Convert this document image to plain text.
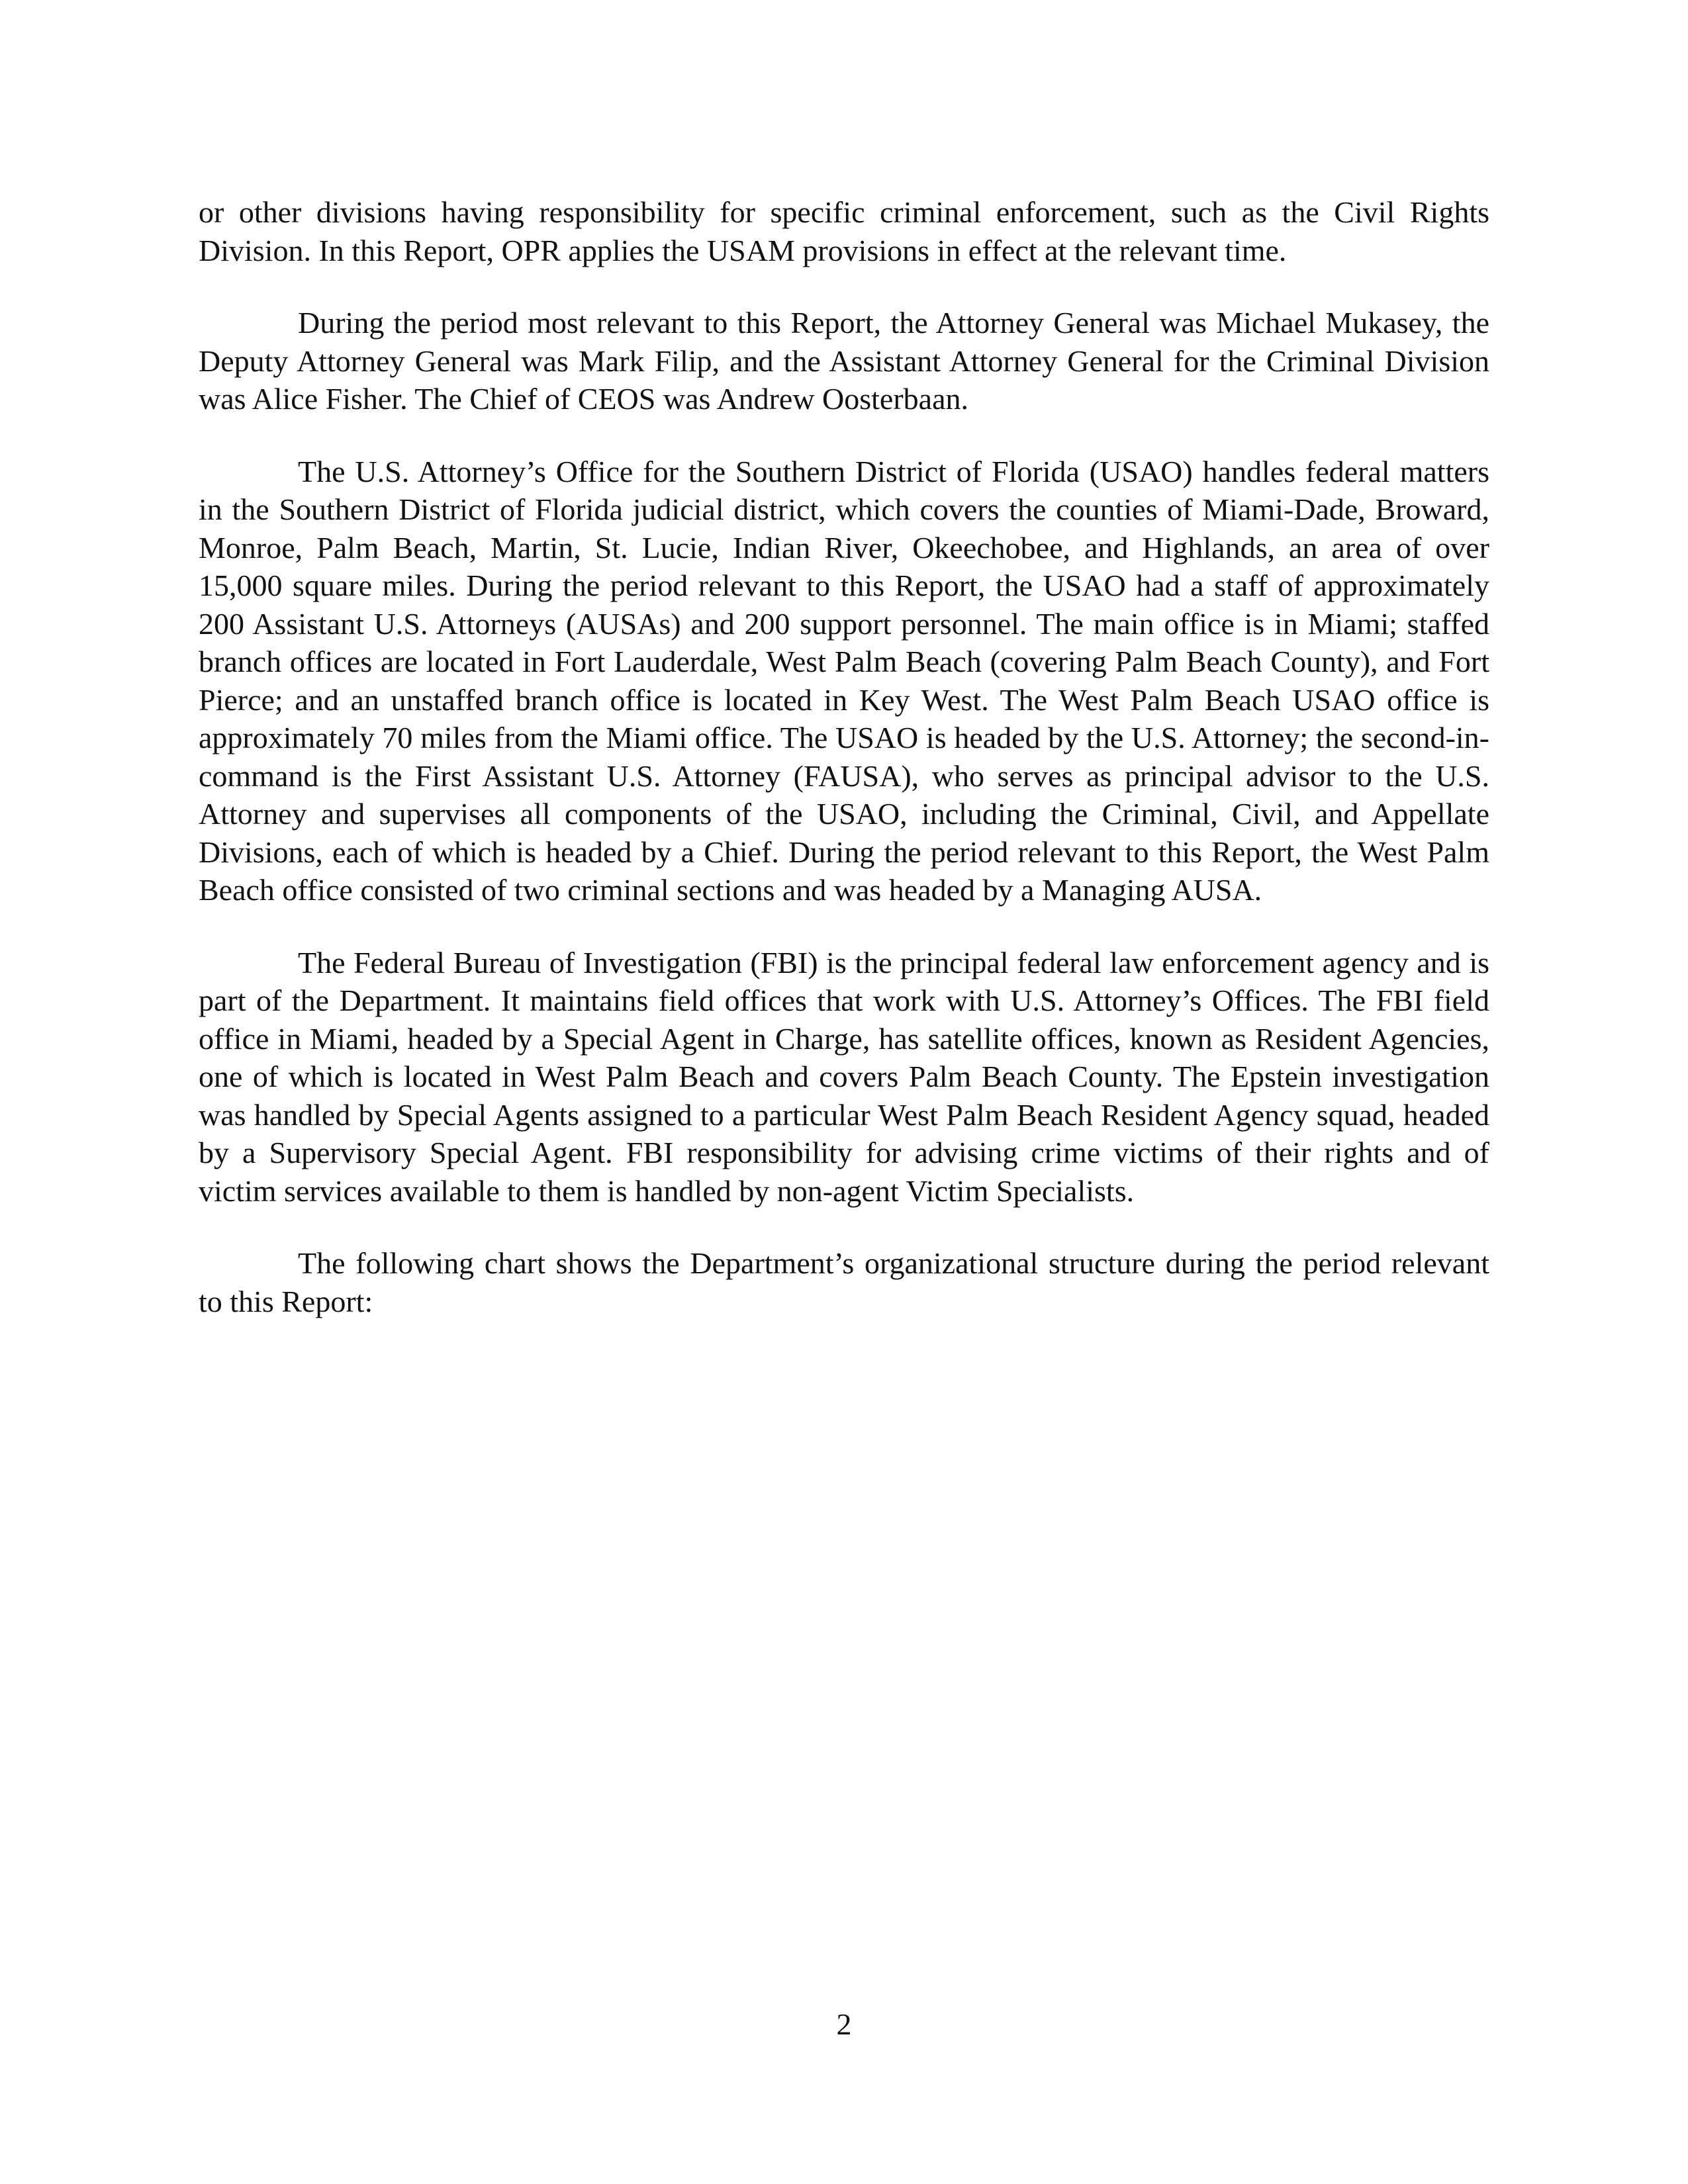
or other divisions having responsibility for specific criminal enforcement, such as the Civil Rights Division. In this Report, OPR applies the USAM provisions in effect at the relevant time.

During the period most relevant to this Report, the Attorney General was Michael Mukasey, the Deputy Attorney General was Mark Filip, and the Assistant Attorney General for the Criminal Division was Alice Fisher. The Chief of CEOS was Andrew Oosterbaan.

The U.S. Attorney’s Office for the Southern District of Florida (USAO) handles federal matters in the Southern District of Florida judicial district, which covers the counties of Miami-Dade, Broward, Monroe, Palm Beach, Martin, St. Lucie, Indian River, Okeechobee, and Highlands, an area of over 15,000 square miles. During the period relevant to this Report, the USAO had a staff of approximately 200 Assistant U.S. Attorneys (AUSAs) and 200 support personnel. The main office is in Miami; staffed branch offices are located in Fort Lauderdale, West Palm Beach (covering Palm Beach County), and Fort Pierce; and an unstaffed branch office is located in Key West. The West Palm Beach USAO office is approximately 70 miles from the Miami office. The USAO is headed by the U.S. Attorney; the second-in-command is the First Assistant U.S. Attorney (FAUSA), who serves as principal advisor to the U.S. Attorney and supervises all components of the USAO, including the Criminal, Civil, and Appellate Divisions, each of which is headed by a Chief. During the period relevant to this Report, the West Palm Beach office consisted of two criminal sections and was headed by a Managing AUSA.

The Federal Bureau of Investigation (FBI) is the principal federal law enforcement agency and is part of the Department. It maintains field offices that work with U.S. Attorney’s Offices. The FBI field office in Miami, headed by a Special Agent in Charge, has satellite offices, known as Resident Agencies, one of which is located in West Palm Beach and covers Palm Beach County. The Epstein investigation was handled by Special Agents assigned to a particular West Palm Beach Resident Agency squad, headed by a Supervisory Special Agent. FBI responsibility for advising crime victims of their rights and of victim services available to them is handled by non-agent Victim Specialists.

The following chart shows the Department’s organizational structure during the period relevant to this Report:

2
